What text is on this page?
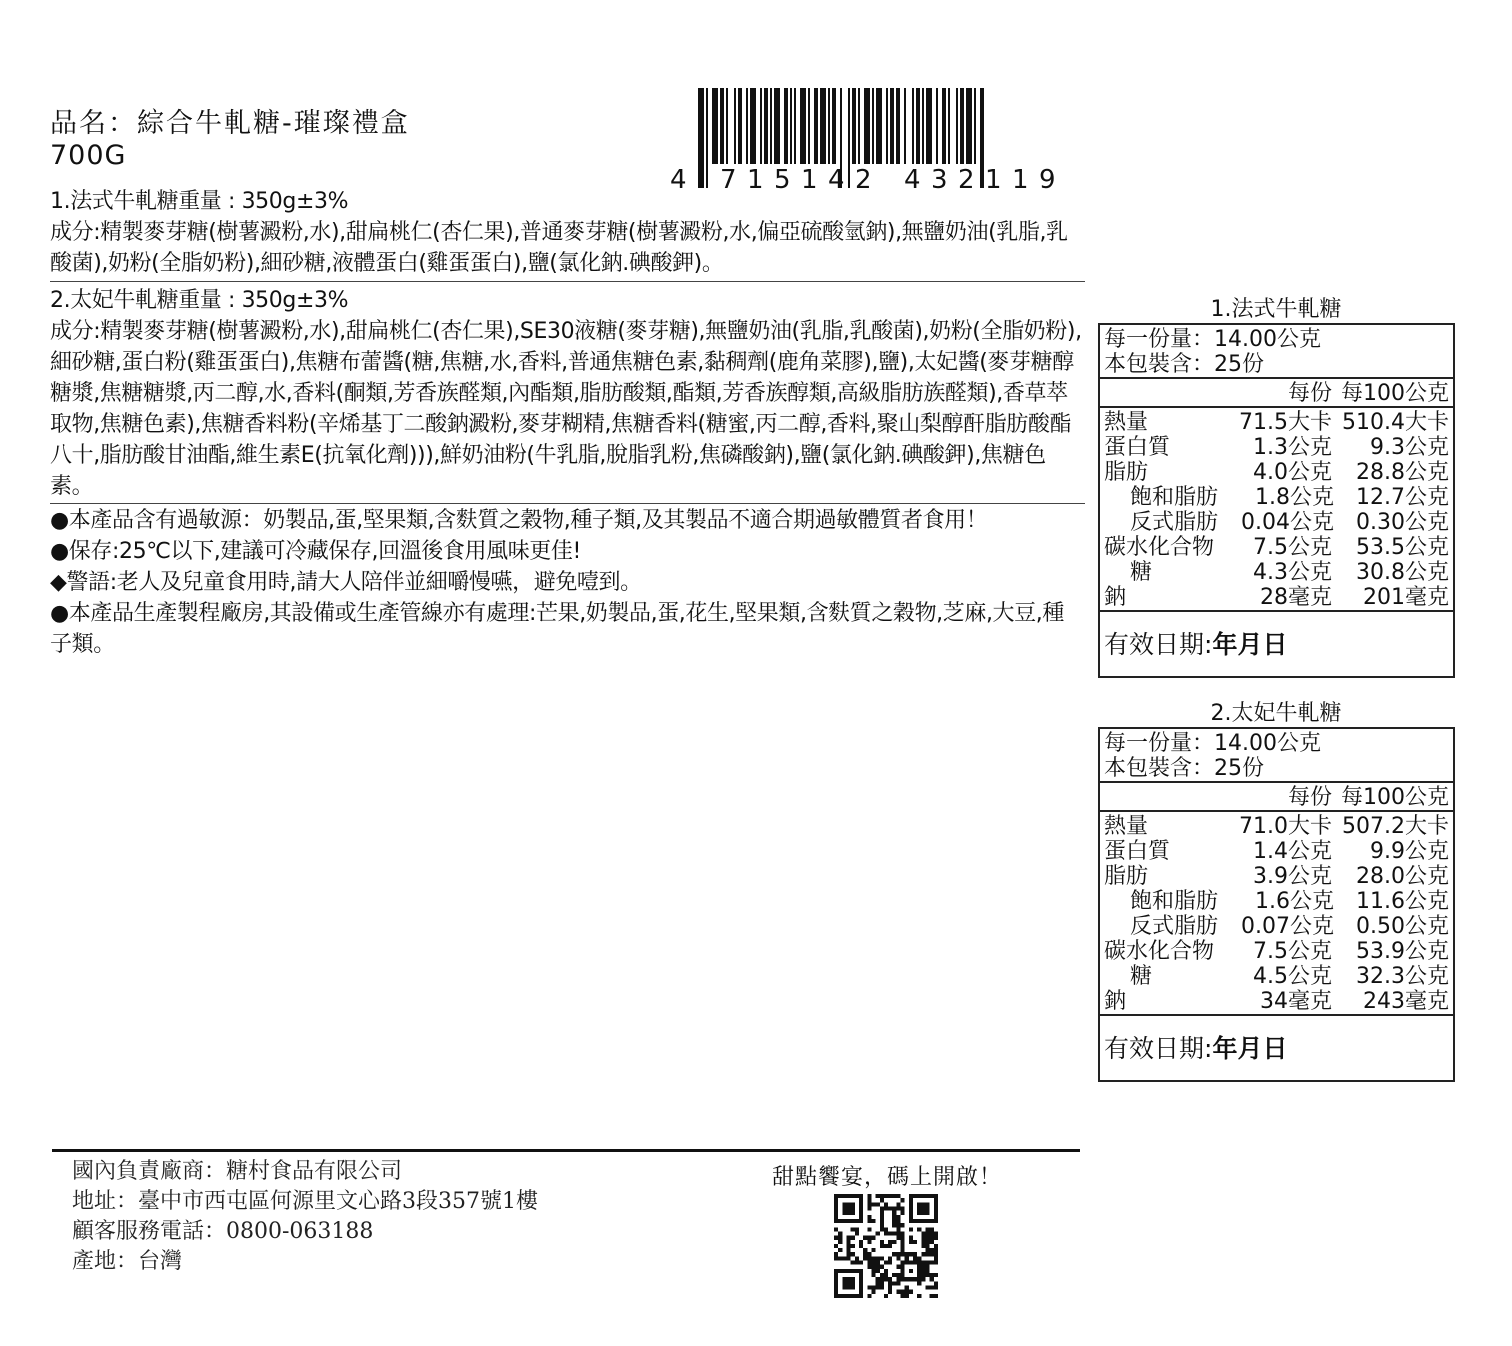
品名：綜合牛軋糖-璀璨禮盒
700G
4 7 1 5 1 4 2 4 3 2 1 1 9
1.法式牛軋糖重量 : 350g±3%
成分:精製麥芽糖(樹薯澱粉,水),甜扁桃仁(杏仁果),普通麥芽糖(樹薯澱粉,水,偏亞硫酸氫鈉),無鹽奶油(乳脂,乳酸菌),奶粉(全脂奶粉),細砂糖,液體蛋白(雞蛋蛋白),鹽(氯化鈉.碘酸鉀)。
2.太妃牛軋糖重量 : 350g±3%
成分:精製麥芽糖(樹薯澱粉,水),甜扁桃仁(杏仁果),SE30液糖(麥芽糖),無鹽奶油(乳脂,乳酸菌),奶粉(全脂奶粉),細砂糖,蛋白粉(雞蛋蛋白),焦糖布蕾醬(糖,焦糖,水,香料,普通焦糖色素,黏稠劑(鹿角菜膠),鹽),太妃醬(麥芽糖醇糖漿,焦糖糖漿,丙二醇,水,香料(酮類,芳香族醛類,內酯類,脂肪酸類,酯類,芳香族醇類,高級脂肪族醛類),香草萃取物,焦糖色素),焦糖香料粉(辛烯基丁二酸鈉澱粉,麥芽糊精,焦糖香料(糖蜜,丙二醇,香料,聚山梨醇酐脂肪酸酯八十,脂肪酸甘油酯,維生素E(抗氧化劑))),鮮奶油粉(牛乳脂,脫脂乳粉,焦磷酸鈉),鹽(氯化鈉.碘酸鉀),焦糖色素。
●本產品含有過敏源：奶製品,蛋,堅果類,含麩質之穀物,種子類,及其製品不適合期過敏體質者食用！
●保存:25℃以下,建議可冷藏保存,回溫後食用風味更佳!
◆警語:老人及兒童食用時,請大人陪伴並細嚼慢嚥，避免噎到。
●本產品生產製程廠房,其設備或生產管線亦有處理:芒果,奶製品,蛋,花生,堅果類,含麩質之穀物,芝麻,大豆,種子類。
1.法式牛軋糖
每一份量：14.00公克
本包裝含：25份
每份 每100公克
熱量	71.5大卡 510.4大卡
蛋白質	1.3公克	9.3公克
脂肪	4.0公克	28.8公克
飽和脂肪	1.8公克	12.7公克
反式脂肪	0.04公克	0.30公克
碳水化合物	7.5公克	53.5公克
糖	4.3公克	30.8公克
鈉	28毫克	201毫克
有效日期: 年月日
2.太妃牛軋糖
每一份量：14.00公克
本包裝含：25份
每份 每100公克
熱量	71.0大卡 507.2大卡
蛋白質	1.4公克	9.9公克
脂肪	3.9公克	28.0公克
飽和脂肪	1.6公克	11.6公克
反式脂肪	0.07公克	0.50公克
碳水化合物	7.5公克	53.9公克
糖	4.5公克	32.3公克
鈉	34毫克	243毫克
有效日期: 年月日
國內負責廠商：糖村食品有限公司
地址：臺中市西屯區何源里文心路3段357號1樓
顧客服務電話：0800-063188
產地：台灣
甜點饗宴，碼上開啟！
